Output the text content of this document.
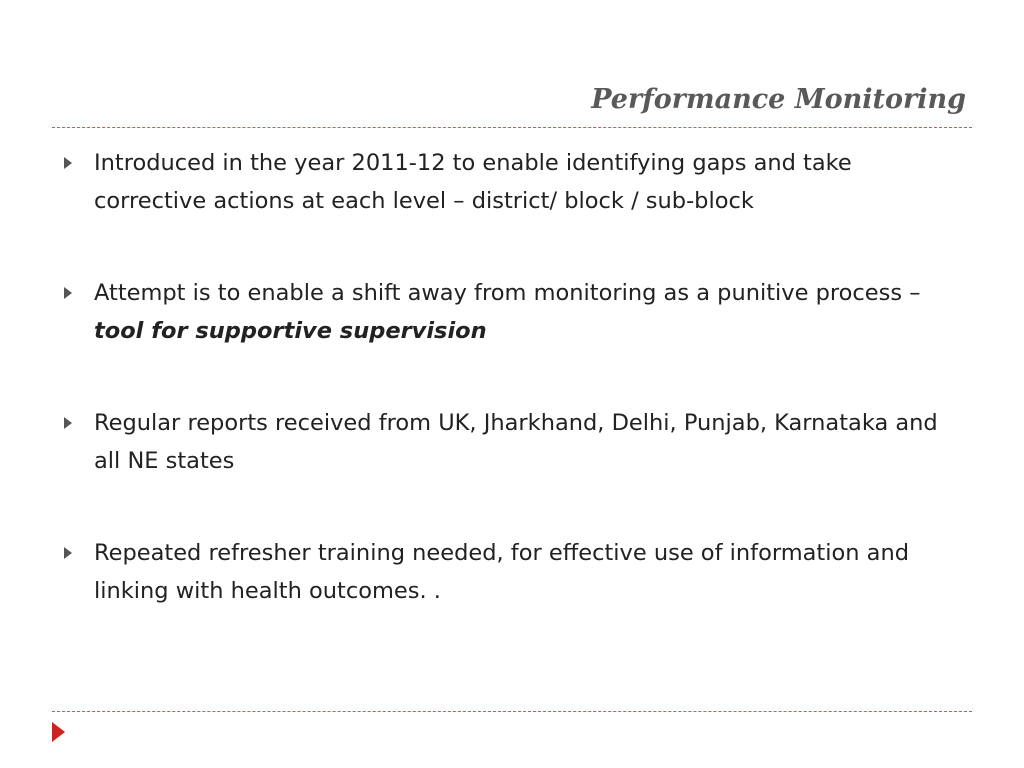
Performance Monitoring
Introduced in the year 2011-12 to enable identifying gaps and take corrective actions at each level – district/ block / sub-block
Attempt is to enable a shift away from monitoring as a punitive process – tool for supportive supervision
Regular reports received from UK, Jharkhand, Delhi, Punjab, Karnataka and all NE states
Repeated refresher training needed, for effective use of information and linking with health outcomes. .
